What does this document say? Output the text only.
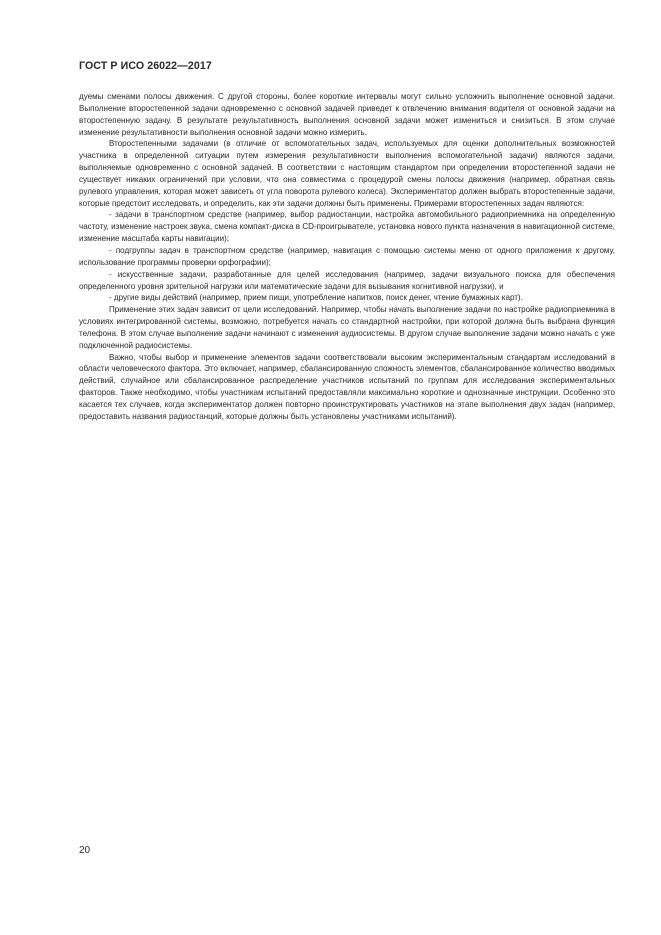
ГОСТ Р ИСО 26022—2017

дуемы сменами полосы движения. С другой стороны, более короткие интервалы могут сильно усложнить выполнение основной задачи. Выполнение второстепенной задачи одновременно с основной задачей приведет к отвлечению внимания водителя от основной задачи на второстепенную задачу. В результате результативность выполнения основной задачи может измениться и снизиться. В этом случае изменение результативности выполнения основной задачи можно измерить.

Второстепенными задачами (в отличие от вспомогательных задач, используемых для оценки дополнительных возможностей участника в определенной ситуации путем измерения результативности выполнения вспомогательной задачи) являются задачи, выполняемые одновременно с основной задачей. В соответствии с настоящим стандартом при определении второстепенной задачи не существует никаких ограничений при условии, что она совместима с процедурой смены полосы движения (например, обратная связь рулевого управления, которая может зависеть от угла поворота рулевого колеса). Экспериментатор должен выбрать второстепенные задачи, которые предстоит исследовать, и определить, как эти задачи должны быть применены. Примерами второстепенных задач являются:

- задачи в транспортном средстве (например, выбор радиостанции, настройка автомобильного радиоприемника на определенную частоту, изменение настроек звука, смена компакт-диска в CD-проигрывателе, установка нового пункта назначения в навигационной системе, изменение масштаба карты навигации);

- подгруппы задач в транспортном средстве (например, навигация с помощью системы меню от одного приложения к другому, использование программы проверки орфографии);

- искусственные задачи, разработанные для целей исследования (например, задачи визуального поиска для обеспечения определенного уровня зрительной нагрузки или математические задачи для вызывания когнитивной нагрузки), и

- другие виды действий (например, прием пищи, употребление напитков, поиск денег, чтение бумажных карт).

Применение этих задач зависит от цели исследований. Например, чтобы начать выполнение задачи по настройке радиоприемника в условиях интегрированной системы, возможно, потребуется начать со стандартной настройки, при которой должна быть выбрана функция телефона. В этом случае выполнение задачи начинают с изменения аудиосистемы. В другом случае выполнение задачи можно начать с уже подключенной радиосистемы.

Важно, чтобы выбор и применение элементов задачи соответствовали высоким экспериментальным стандартам исследований в области человеческого фактора. Это включает, например, сбалансированную сложность элементов, сбалансированное количество вводимых действий, случайное или сбалансированное распределение участников испытаний по группам для исследования экспериментальных факторов. Также необходимо, чтобы участникам испытаний предоставляли максимально короткие и однозначные инструкции. Особенно это касается тех случаев, когда экспериментатор должен повторно проинструктировать участников на этапе выполнения двух задач (например, предоставить названия радиостанций, которые должны быть установлены участниками испытаний).

20
